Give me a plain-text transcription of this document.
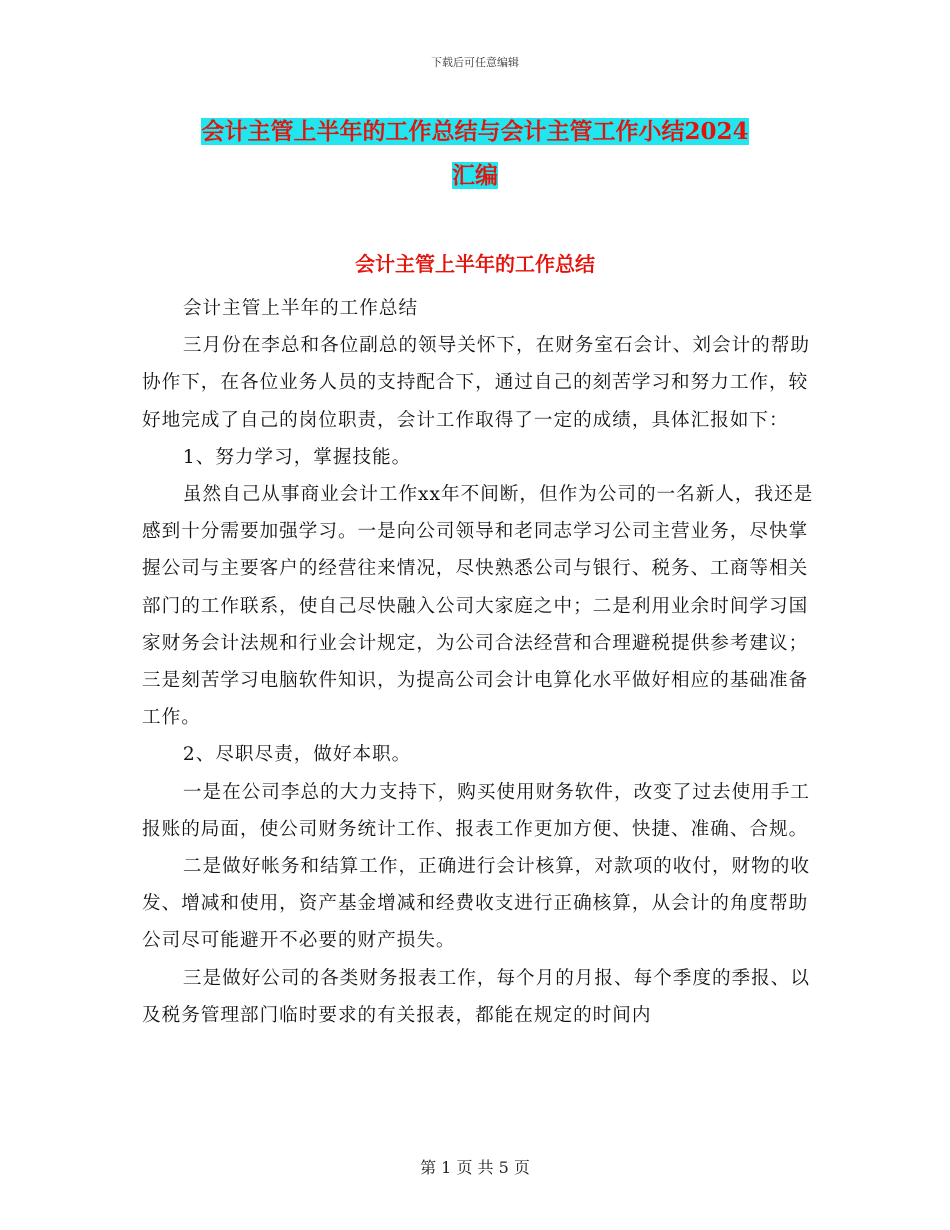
下载后可任意编辑
会计主管上半年的工作总结与会计主管工作小结2024
汇编
会计主管上半年的工作总结

会计主管上半年的工作总结

三月份在李总和各位副总的领导关怀下，在财务室石会计、刘会计的帮助协作下，在各位业务人员的支持配合下，通过自己的刻苦学习和努力工作，较好地完成了自己的岗位职责，会计工作取得了一定的成绩，具体汇报如下：

1、努力学习，掌握技能。

虽然自己从事商业会计工作xx年不间断，但作为公司的一名新人，我还是感到十分需要加强学习。一是向公司领导和老同志学习公司主营业务，尽快掌握公司与主要客户的经营往来情况，尽快熟悉公司与银行、税务、工商等相关部门的工作联系，使自己尽快融入公司大家庭之中；二是利用业余时间学习国家财务会计法规和行业会计规定，为公司合法经营和合理避税提供参考建议；三是刻苦学习电脑软件知识，为提高公司会计电算化水平做好相应的基础准备工作。

2、尽职尽责，做好本职。

一是在公司李总的大力支持下，购买使用财务软件，改变了过去使用手工报账的局面，使公司财务统计工作、报表工作更加方便、快捷、准确、合规。

二是做好帐务和结算工作，正确进行会计核算，对款项的收付，财物的收发、增减和使用，资产基金增减和经费收支进行正确核算，从会计的角度帮助公司尽可能避开不必要的财产损失。

三是做好公司的各类财务报表工作，每个月的月报、每个季度的季报、以及税务管理部门临时要求的有关报表，都能在规定的时间内

第 1 页 共 5 页
